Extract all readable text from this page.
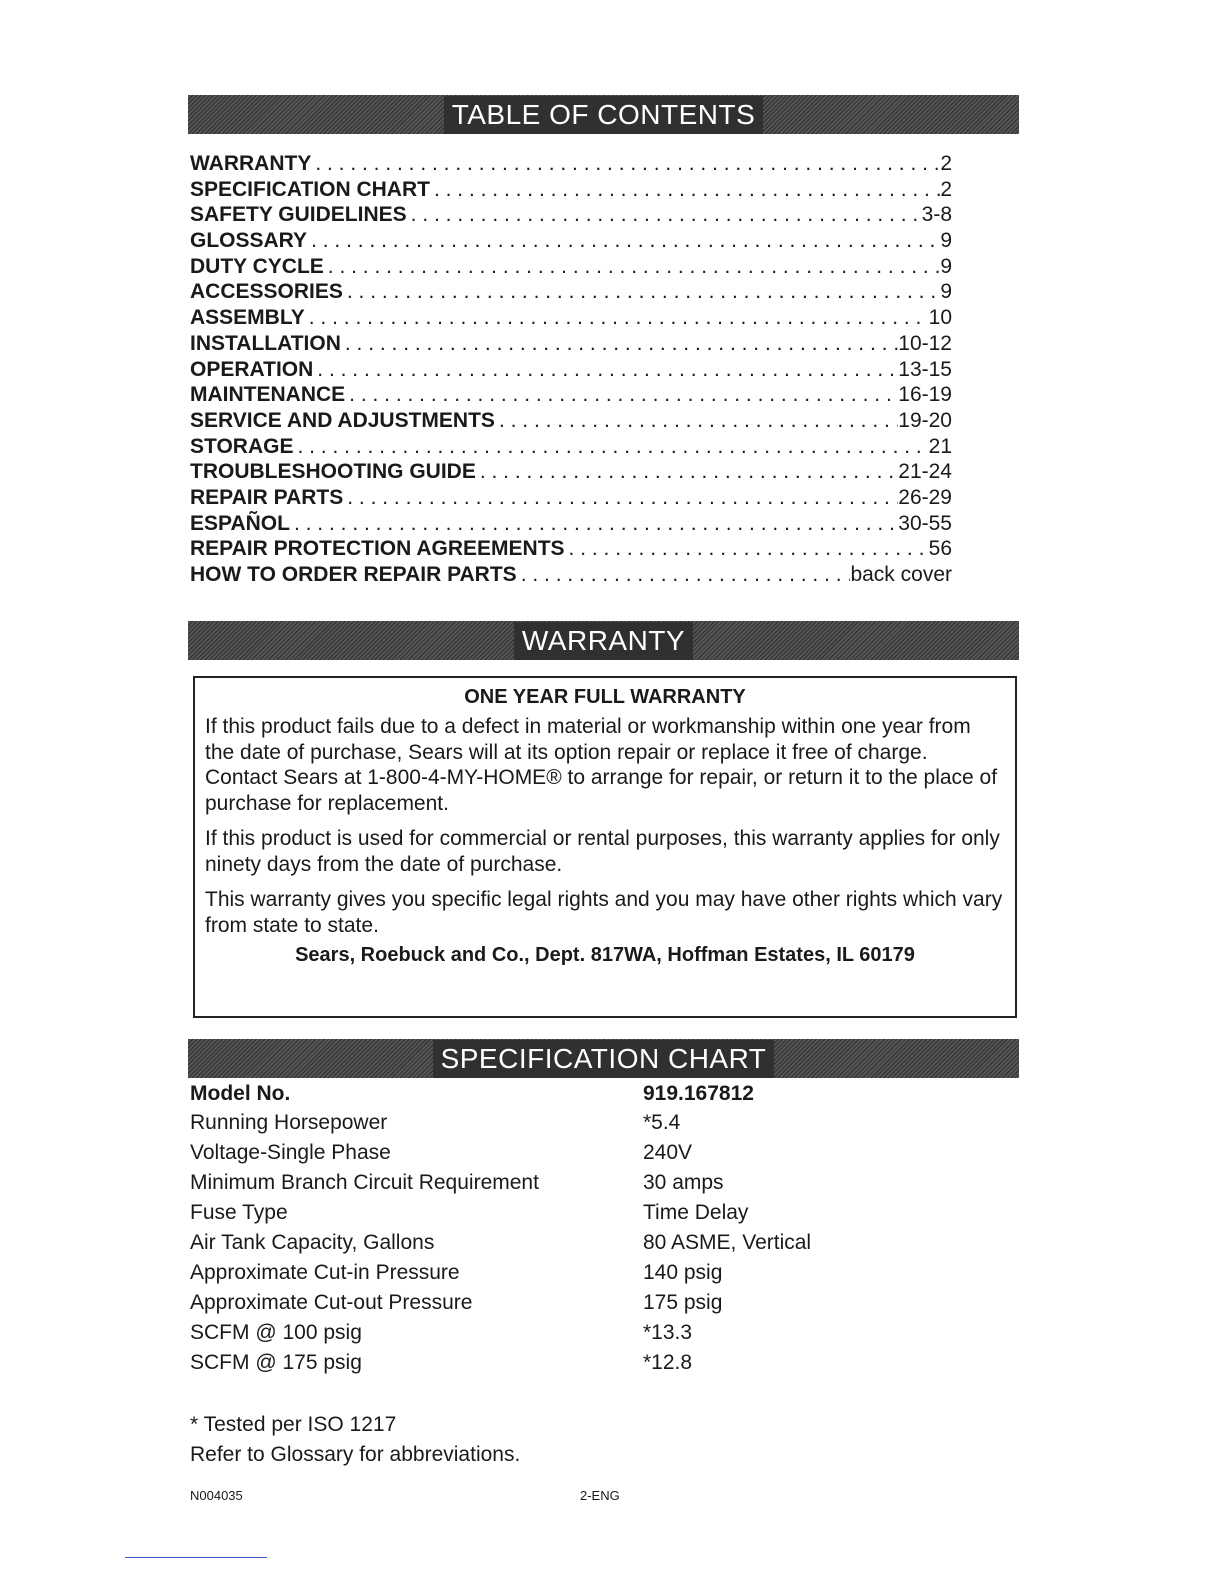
TABLE OF CONTENTS
WARRANTY . . .	2
SPECIFICATION CHART . . .	2
SAFETY GUIDELINES . . .	3-8
GLOSSARY . . .	9
DUTY CYCLE . . .	9
ACCESSORIES . . .	9
ASSEMBLY . . .	10
INSTALLATION . . .	10-12
OPERATION . . .	13-15
MAINTENANCE . . .	16-19
SERVICE AND ADJUSTMENTS . . .	19-20
STORAGE . . .	21
TROUBLESHOOTING GUIDE . . .	21-24
REPAIR PARTS . . .	26-29
ESPAÑOL . . .	30-55
REPAIR PROTECTION AGREEMENTS . . .	56
HOW TO ORDER REPAIR PARTS . . .	back cover
WARRANTY
ONE YEAR FULL WARRANTY

If this product fails due to a defect in material or workmanship within one year from the date of purchase, Sears will at its option repair or replace it free of charge. Contact Sears at 1-800-4-MY-HOME® to arrange for repair, or return it to the place of purchase for replacement.

If this product is used for commercial or rental purposes, this warranty applies for only ninety days from the date of purchase.

This warranty gives you specific legal rights and you may have other rights which vary from state to state.

Sears, Roebuck and Co., Dept. 817WA, Hoffman Estates, IL 60179
SPECIFICATION CHART
Model No.	919.167812
Running Horsepower	*5.4
Voltage-Single Phase	240V
Minimum Branch Circuit Requirement	30 amps
Fuse Type	Time Delay
Air Tank Capacity, Gallons	80 ASME, Vertical
Approximate Cut-in Pressure	140 psig
Approximate Cut-out Pressure	175 psig
SCFM @ 100 psig	*13.3
SCFM @ 175 psig	*12.8
* Tested per ISO 1217
Refer to Glossary for abbreviations.
N004035	2-ENG
